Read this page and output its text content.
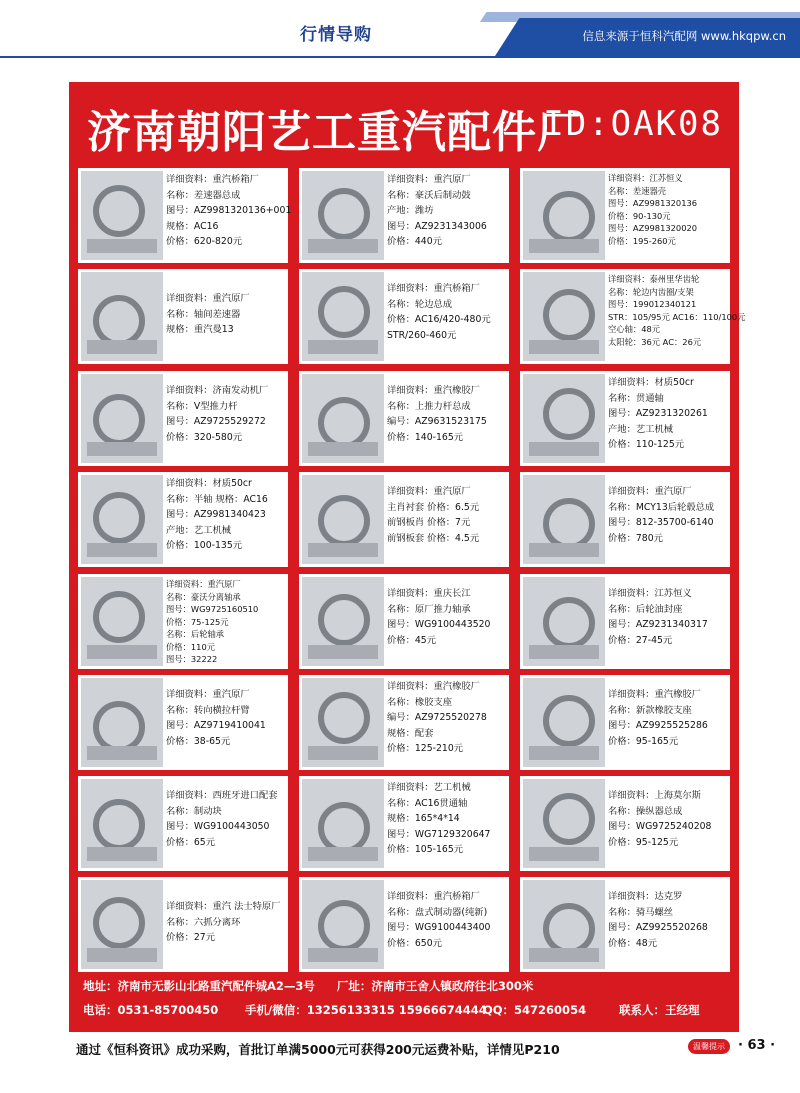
行情导购	信息来源于恒科汽配网 www.hkqpw.cn
济南朝阳艺工重汽配件厂
ID:OAK08
详细资料：重汽桥箱厂
名称：差速器总成
图号：AZ9981320136+001
规格：AC16
价格：620-820元
详细资料：重汽原厂
名称：豪沃后制动鼓
产地：潍坊
图号：AZ9231343006
价格：440元
详细资料：江苏恒义
名称：差速器壳
图号：AZ9981320136
价格：90-130元
图号：AZ9981320020
价格：195-260元
详细资料：重汽原厂
名称：轴间差速器
规格：重汽曼13
详细资料：重汽桥箱厂
名称：轮边总成
价格：AC16/420-480元
STR/260-460元
详细资料：泰州里华齿轮
名称：轮边内齿圈/支架
图号：199012340121
STR：105/95元 AC16：110/100元
空心轴：48元
太阳轮：36元 AC：26元
详细资料：济南发动机厂
名称：V型推力杆
图号：AZ9725529272
价格：320-580元
详细资料：重汽橡胶厂
名称：上推力杆总成
编号：AZ9631523175
价格：140-165元
详细资料：材质50cr
名称：贯通轴
图号：AZ9231320261
产地：艺工机械
价格：110-125元
详细资料：材质50cr
名称：半轴 规格：AC16
图号：AZ9981340423
产地：艺工机械
价格：100-135元
详细资料：重汽原厂
主肖衬套 价格：6.5元
前钢板肖 价格：7元
前钢板套 价格：4.5元
详细资料：重汽原厂
名称：MCY13后轮毂总成
图号：812-35700-6140
价格：780元
详细资料：重汽原厂
名称：豪沃分离轴承
图号：WG9725160510
价格：75-125元
名称：后轮轴承
价格：110元
图号：32222
详细资料：重庆长江
名称：原厂推力轴承
图号：WG9100443520
价格：45元
详细资料：江苏恒义
名称：后轮油封座
图号：AZ9231340317
价格：27-45元
详细资料：重汽原厂
名称：转向横拉杆臂
图号：AZ9719410041
价格：38-65元
详细资料：重汽橡胶厂
名称：橡胶支座
编号：AZ9725520278
规格：配套
价格：125-210元
详细资料：重汽橡胶厂
名称：新款橡胶支座
图号：AZ9925525286
价格：95-165元
详细资料：西班牙进口配套
名称：制动块
图号：WG9100443050
价格：65元
详细资料：艺工机械
名称：AC16贯通轴
规格：165*4*14
图号：WG7129320647
价格：105-165元
详细资料：上海莫尔斯
名称：操纵器总成
图号：WG9725240208
价格：95-125元
详细资料：重汽 法士特原厂
名称：六抓分离环
价格：27元
详细资料：重汽桥箱厂
名称：盘式制动器(纯新)
图号：WG9100443400
价格：650元
详细资料：达克罗
名称：骑马螺丝
图号：AZ9925520268
价格：48元
地址：济南市无影山北路重汽配件城A2—3号 厂址：济南市王舍人镇政府往北300米
电话：0531-85700450 手机/微信：13256133315 15966674444
QQ：547260054	联系人：王经理
通过《恒科资讯》成功采购，首批订单满5000元可获得200元运费补贴，详情见P210	温馨提示	· 63 ·
